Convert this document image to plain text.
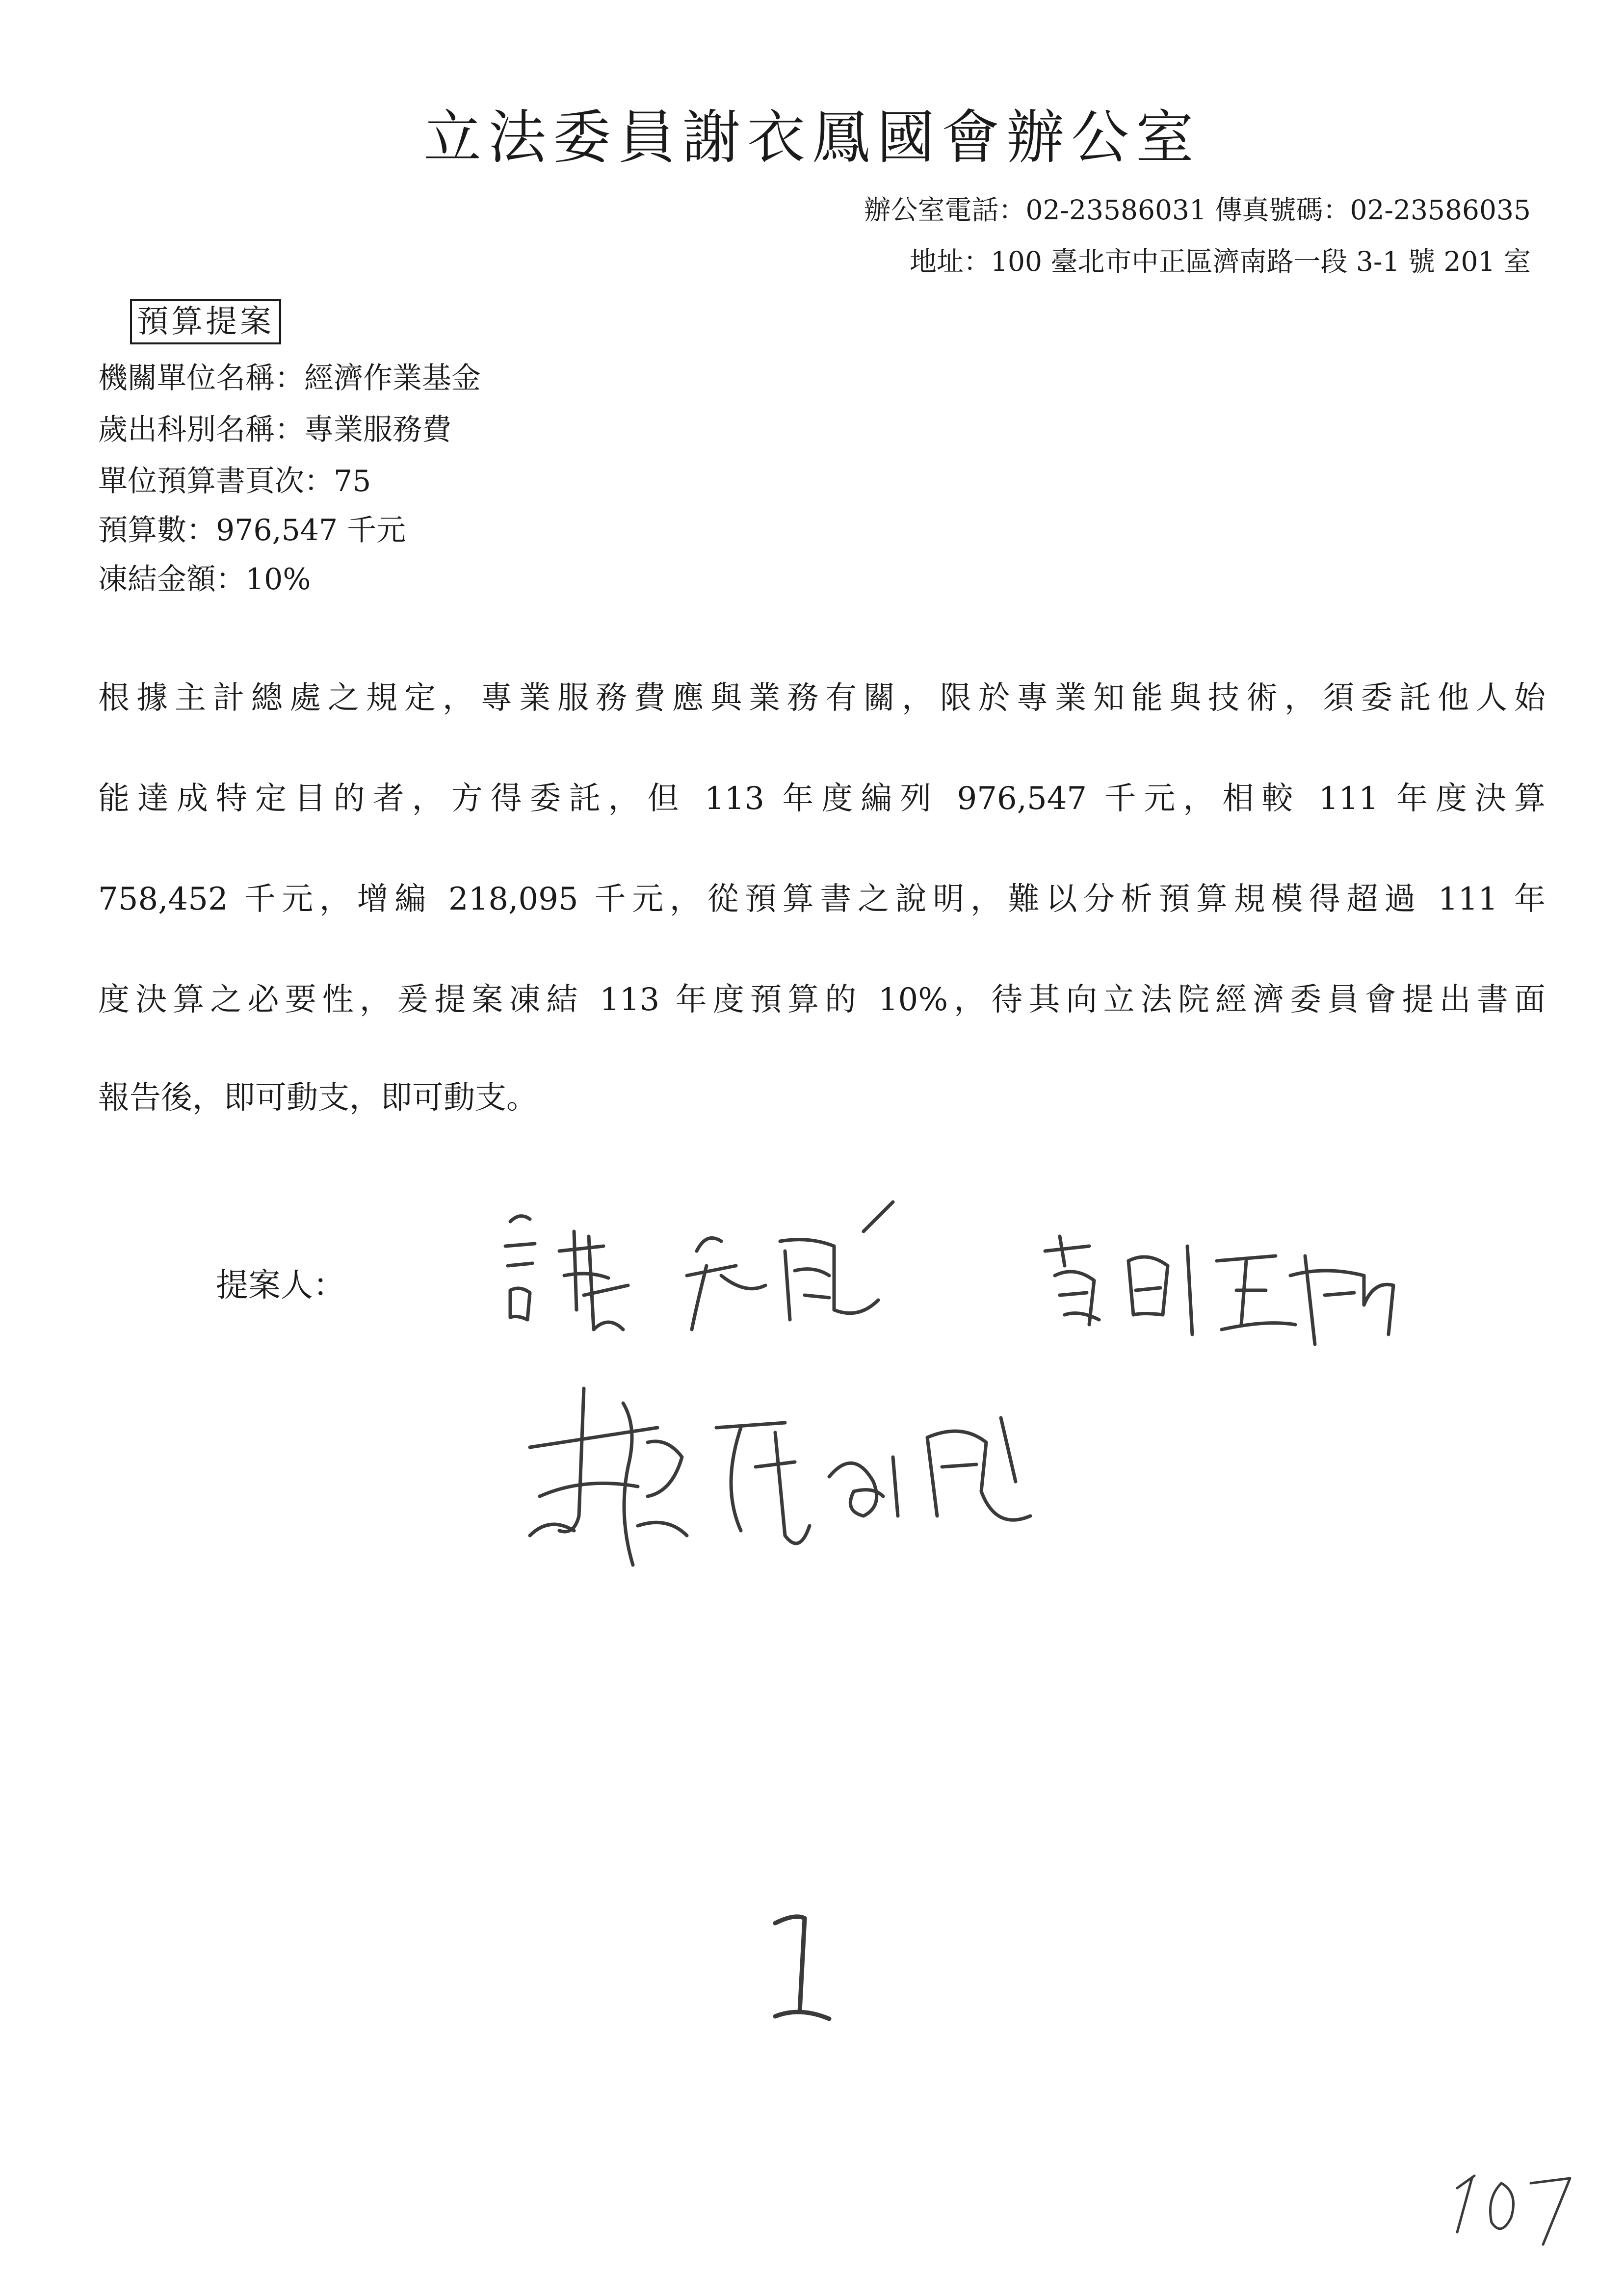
立法委員謝衣鳳國會辦公室
辦公室電話：02-23586031 傳真號碼：02-23586035
地址：100 臺北市中正區濟南路一段 3-1 號 201 室
預算提案
機關單位名稱：經濟作業基金
歲出科別名稱：專業服務費
單位預算書頁次：75
預算數：976,547 千元
凍結金額：10%
根據主計總處之規定，專業服務費應與業務有關，限於專業知能與技術，須委託他人始
能達成特定目的者，方得委託，但 113 年度編列 976,547 千元，相較 111 年度決算
758,452 千元，增編 218,095 千元，從預算書之說明，難以分析預算規模得超過 111 年
度決算之必要性，爰提案凍結 113 年度預算的 10%，待其向立法院經濟委員會提出書面
報告後，即可動支，即可動支。
提案人：
